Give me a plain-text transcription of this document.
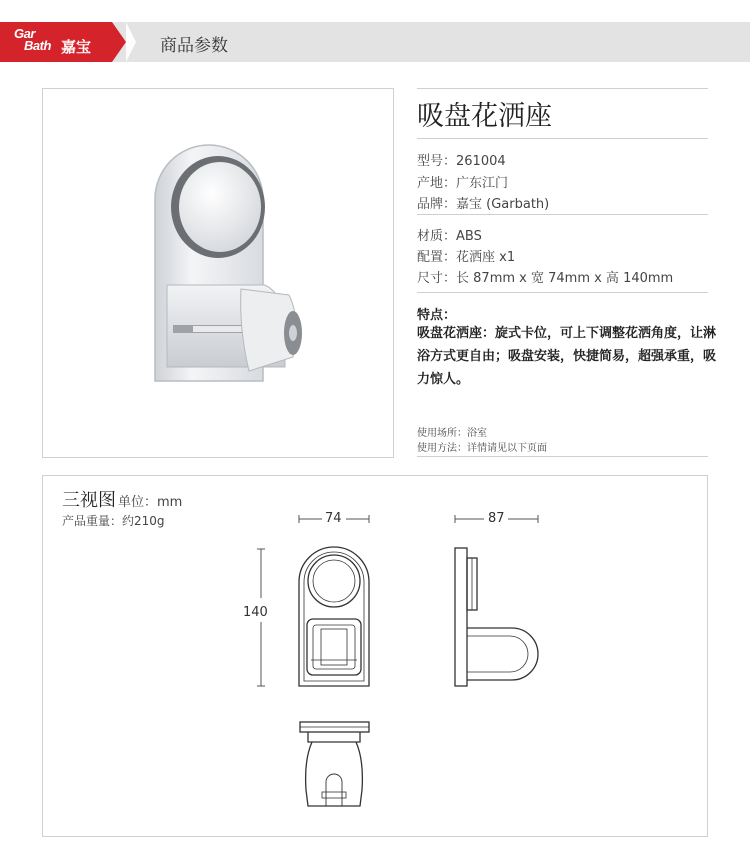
Gar
Bath 嘉宝	商品参数
吸盘花洒座
型号：261004
产地：广东江门
品牌：嘉宝 (Garbath)
材质：ABS
配置：花洒座 x1
尺寸：长 87mm x 宽 74mm x 高 140mm
特点：
吸盘花洒座：旋式卡位，可上下调整花洒角度，让淋浴方式更自由；吸盘安装，快捷简易，超强承重，吸力惊人。
使用场所：浴室
使用方法：详情请见以下页面
三视图 单位：mm
产品重量：约210g	74	87
140
